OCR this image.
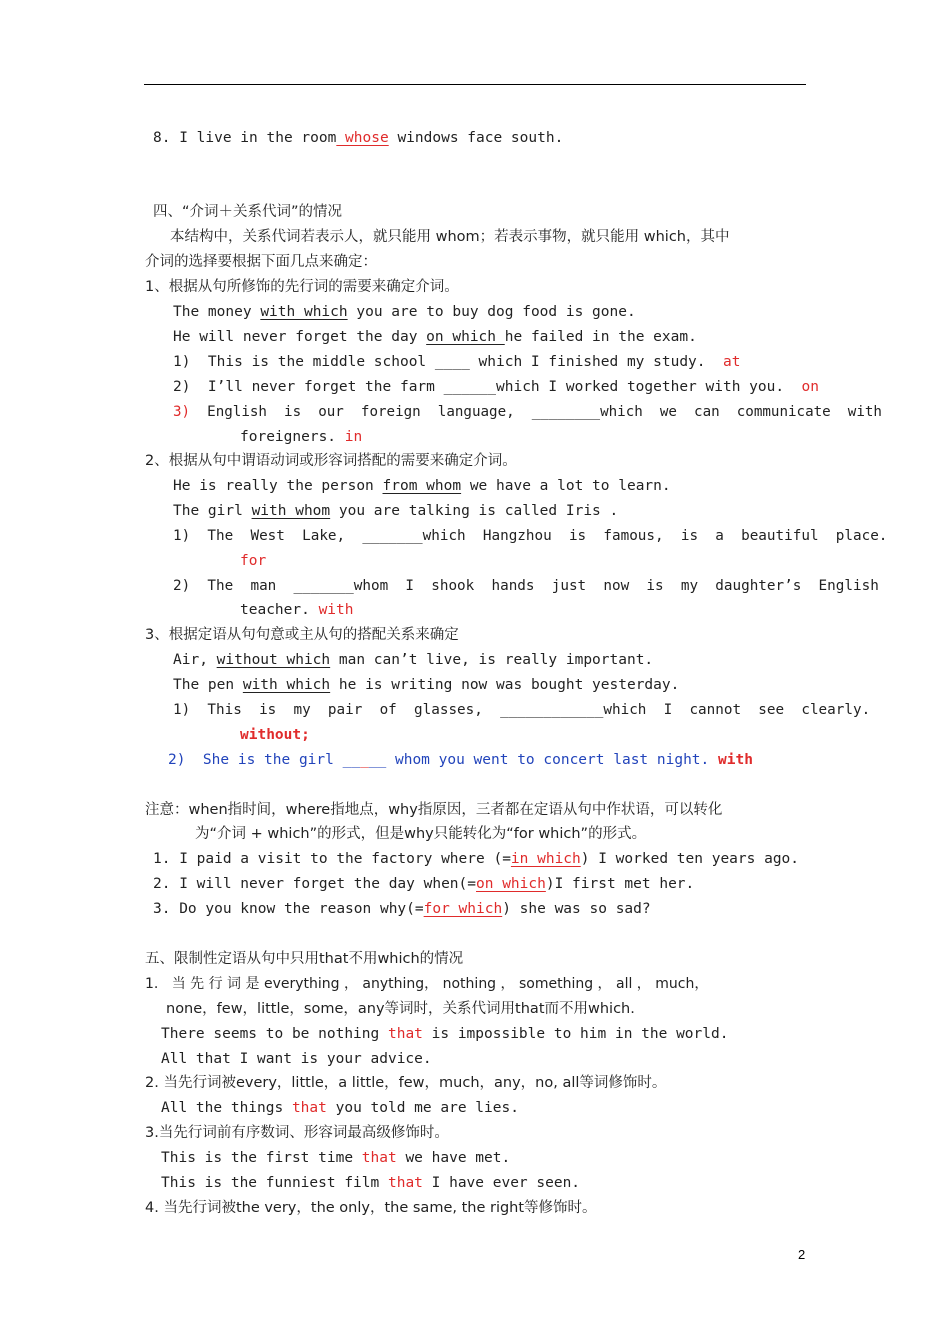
8. I live in the room whose windows face south.
四、“介词＋关系代词”的情况
本结构中，关系代词若表示人，就只能用 whom；若表示事物，就只能用 which，其中
介词的选择要根据下面几点来确定：
1、根据从句所修饰的先行词的需要来确定介词。
The money with which you are to buy dog food is gone.
He will never forget the day on which he failed in the exam.
1)  This is the middle school ____ which I finished my study.  at
2)  I’ll never forget the farm ______which I worked together with you.  on
3)  English  is  our  foreign  language,  ________which  we  can  communicate  with
foreigners. in
2、根据从句中谓语动词或形容词搭配的需要来确定介词。
He is really the person from whom we have a lot to learn.
The girl with whom you are talking is called Iris .
1)  The  West  Lake,  _______which  Hangzhou  is  famous,  is  a  beautiful  place.
for
2)  The  man  _______whom  I  shook  hands  just  now  is  my  daughter’s  English
teacher. with
3、根据定语从句句意或主从句的搭配关系来确定
Air, without which man can’t live, is really important.
The pen with which he is writing now was bought yesterday.
1)  This  is  my  pair  of  glasses,  ____________which  I  cannot  see  clearly.
without;
2)  She is the girl _____ whom you went to concert last night. with
注意：when指时间，where指地点，why指原因，三者都在定语从句中作状语，可以转化
为“介词 + which”的形式，但是why只能转化为“for which”的形式。
1. I paid a visit to the factory where (=in which) I worked ten years ago.
2. I will never forget the day when(=on which)I first met her.
3. Do you know the reason why(=for which) she was so sad?
五、限制性定语从句中只用that不用which的情况
1.   当 先 行 词 是 everything ， anything， nothing ， something ， all ， much，
none，few，little，some，any等词时，关系代词用that而不用which.
There seems to be nothing that is impossible to him in the world.
All that I want is your advice.
2. 当先行词被every，little，a little，few，much，any，no, all等词修饰时。
All the things that you told me are lies.
3.当先行词前有序数词、形容词最高级修饰时。
This is the first time that we have met.
This is the funniest film that I have ever seen.
4. 当先行词被the very，the only，the same, the right等修饰时。
2
